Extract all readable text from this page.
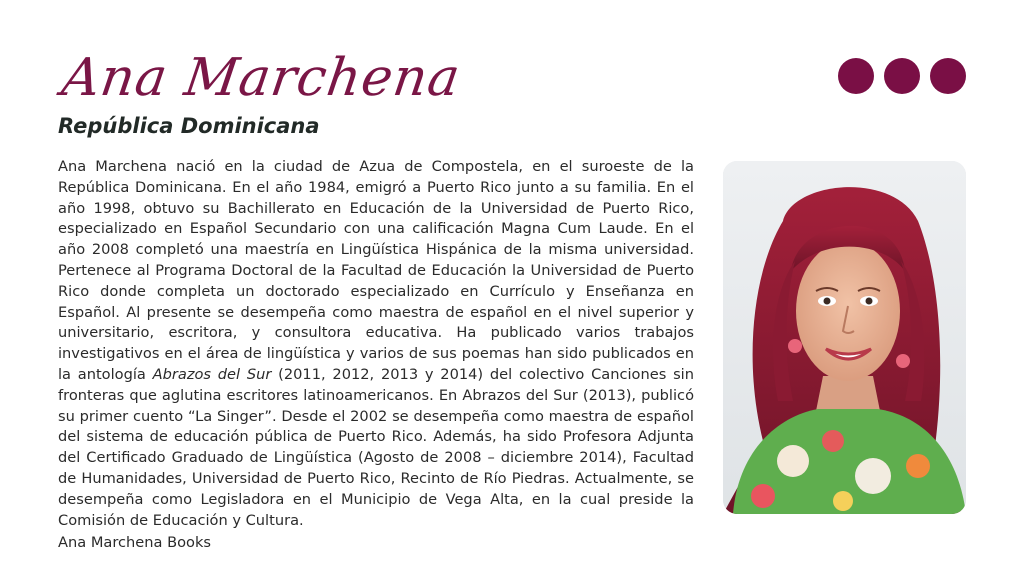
Ana Marchena
República Dominicana

Ana Marchena nació en la ciudad de Azua de Compostela, en el suroeste de la República Dominicana. En el año 1984, emigró a Puerto Rico junto a su familia. En el año 1998, obtuvo su Bachillerato en Educación de la Universidad de Puerto Rico, especializado en Español Secundario con una calificación Magna Cum Laude. En el año 2008 completó una maestría en Lingüística Hispánica de la misma universidad. Pertenece al Programa Doctoral de la Facultad de Educación la Universidad de Puerto Rico donde completa un doctorado especializado en Currículo y Enseñanza en Español. Al presente se desempeña como maestra de español en el nivel superior y universitario, escritora, y consultora educativa. Ha publicado varios trabajos investigativos en el área de lingüística y varios de sus poemas han sido publicados en la antología Abrazos del Sur (2011, 2012, 2013 y 2014) del colectivo Canciones sin fronteras que aglutina escritores latinoamericanos. En Abrazos del Sur (2013), publicó su primer cuento “La Singer”. Desde el 2002 se desempeña como maestra de español del sistema de educación pública de Puerto Rico. Además, ha sido Profesora Adjunta del Certificado Graduado de Lingüística (Agosto de 2008 – diciembre 2014), Facultad de Humanidades, Universidad de Puerto Rico, Recinto de Río Piedras. Actualmente, se desempeña como Legisladora en el Municipio de Vega Alta, en la cual preside la Comisión de Educación y Cultura.

Ana Marchena Books
